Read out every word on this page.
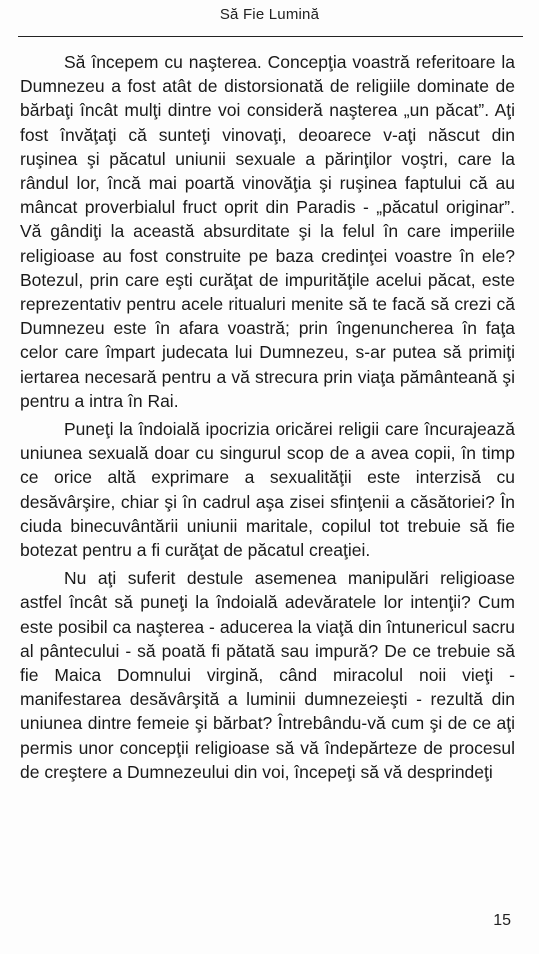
Să Fie Lumină

Să începem cu naşterea. Concepţia voastră referitoare la Dumnezeu a fost atât de distorsionată de religiile dominate de bărbaţi încât mulţi dintre voi consideră naşterea „un păcat”. Aţi fost învăţaţi că sunteţi vinovaţi, deoarece v-aţi născut din ruşinea şi păcatul uniunii sexuale a părinţilor voştri, care la rândul lor, încă mai poartă vinovăţia şi ruşinea faptului că au mâncat proverbialul fruct oprit din Paradis - „păcatul originar”. Vă gândiţi la această absurditate şi la felul în care imperiile religioase au fost construite pe baza credinţei voastre în ele? Botezul, prin care eşti curăţat de impurităţile acelui păcat, este reprezentativ pentru acele ritualuri menite să te facă să crezi că Dumnezeu este în afara voastră; prin îngenuncherea în faţa celor care împart judecata lui Dumnezeu, s-ar putea să primiţi iertarea necesară pentru a vă strecura prin viaţa pământeană şi pentru a intra în Rai.

Puneţi la îndoială ipocrizia oricărei religii care încurajează uniunea sexuală doar cu singurul scop de a avea copii, în timp ce orice altă exprimare a sexualităţii este interzisă cu desăvârşire, chiar şi în cadrul aşa zisei sfinţenii a căsătoriei? În ciuda binecuvântării uniunii maritale, copilul tot trebuie să fie botezat pentru a fi curăţat de păcatul creaţiei.

Nu aţi suferit destule asemenea manipulări religioase astfel încât să puneţi la îndoială adevăratele lor intenţii? Cum este posibil ca naşterea - aducerea la viaţă din întunericul sacru al pântecului - să poată fi pătată sau impură? De ce trebuie să fie Maica Domnului virgină, când miracolul noii vieţi - manifestarea desăvârşită a luminii dumnezeieşti - rezultă din uniunea dintre femeie şi bărbat? Întrebându-vă cum şi de ce aţi permis unor concepţii religioase să vă îndepărteze de procesul de creştere a Dumnezeului din voi, începeţi să vă desprindeţi

15
